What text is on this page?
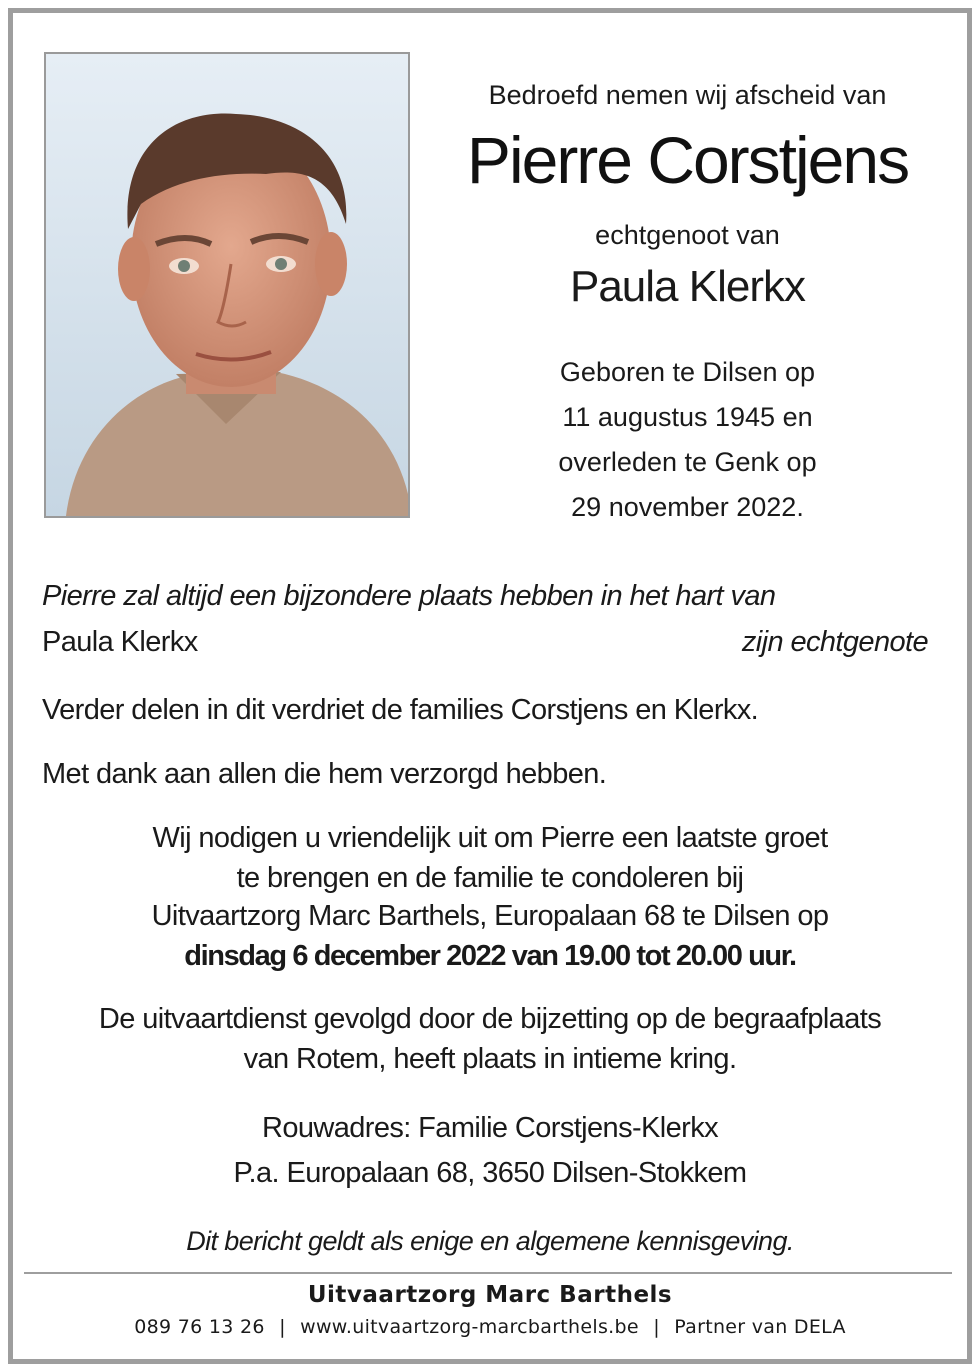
Bedroefd nemen wij afscheid van
Pierre Corstjens
echtgenoot van
Paula Klerkx
Geboren te Dilsen op
11 augustus 1945 en
overleden te Genk op
29 november 2022.
Pierre zal altijd een bijzondere plaats hebben in het hart van
Paula Klerkx	zijn echtgenote
Verder delen in dit verdriet de families Corstjens en Klerkx.
Met dank aan allen die hem verzorgd hebben.
Wij nodigen u vriendelijk uit om Pierre een laatste groet
te brengen en de familie te condoleren bij
Uitvaartzorg Marc Barthels, Europalaan 68 te Dilsen op
dinsdag 6 december 2022 van 19.00 tot 20.00 uur.
De uitvaartdienst gevolgd door de bijzetting op de begraafplaats
van Rotem, heeft plaats in intieme kring.
Rouwadres: Familie Corstjens-Klerkx
P.a. Europalaan 68, 3650 Dilsen-Stokkem
Dit bericht geldt als enige en algemene kennisgeving.
Uitvaartzorg Marc Barthels
089 76 13 26 | www.uitvaartzorg-marcbarthels.be | Partner van DELA
